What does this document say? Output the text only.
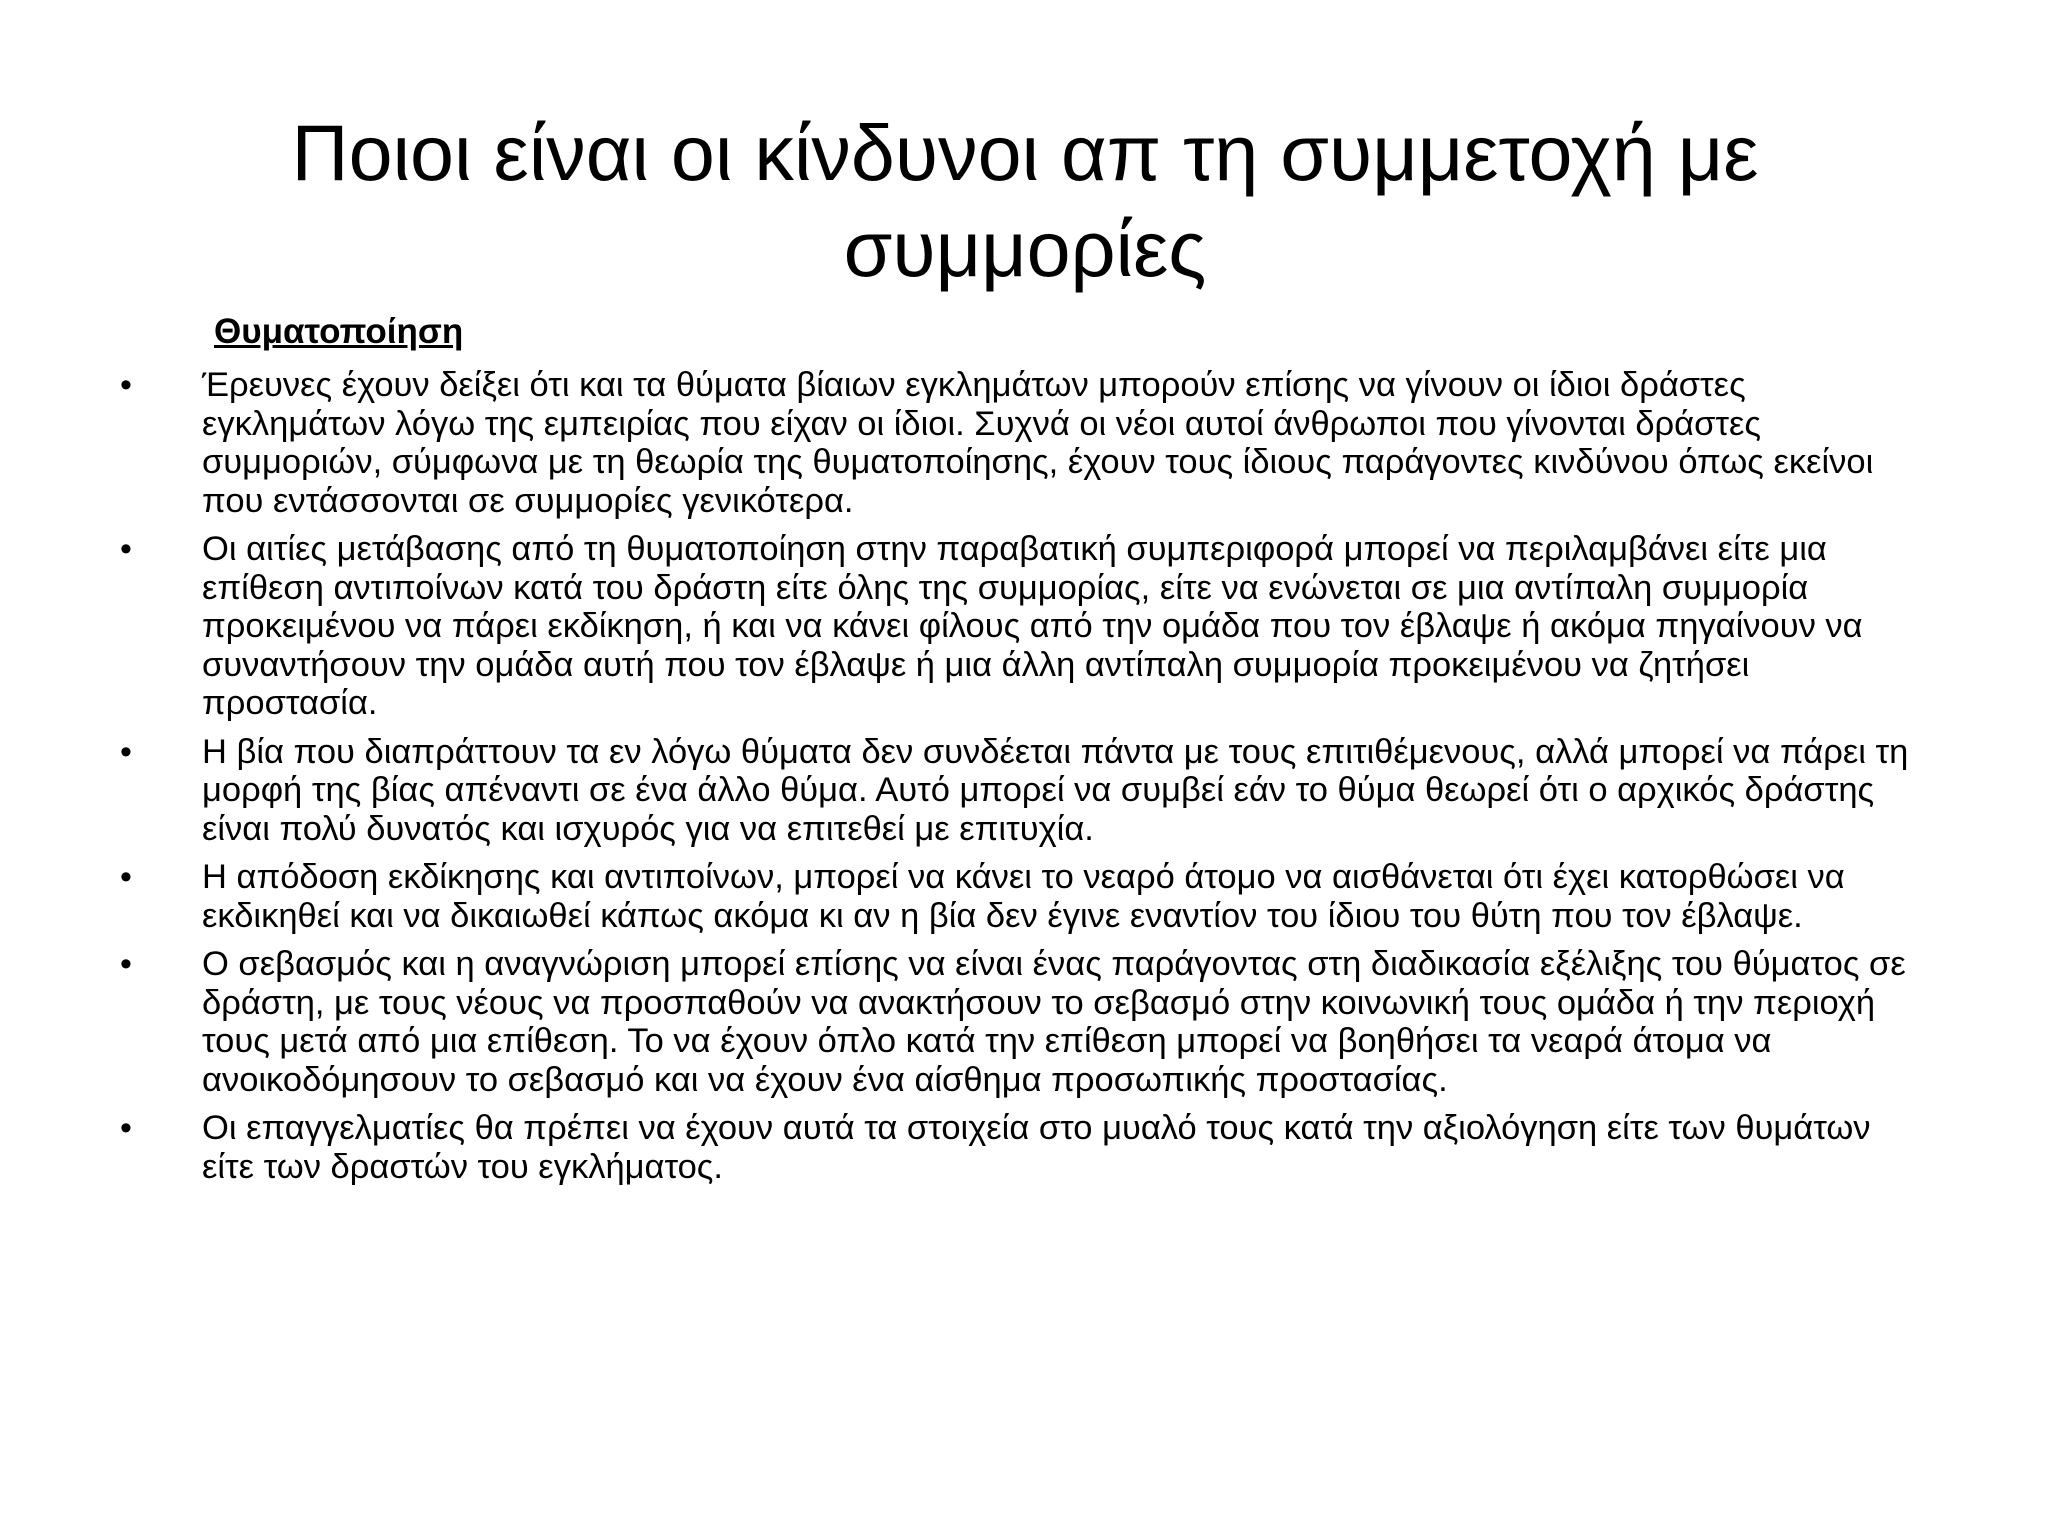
Ποιοι είναι οι κίνδυνοι απ τη συμμετοχή με συμμορίες
Θυματοποίηση
• Έρευνες έχουν δείξει ότι και τα θύματα βίαιων εγκλημάτων μπορούν επίσης να γίνουν οι ίδιοι δράστες εγκλημάτων λόγω της εμπειρίας που είχαν οι ίδιοι. Συχνά οι νέοι αυτοί άνθρωποι που γίνονται δράστες συμμοριών, σύμφωνα με τη θεωρία της θυματοποίησης, έχουν τους ίδιους παράγοντες κινδύνου όπως εκείνοι που εντάσσονται σε συμμορίες γενικότερα.
• Οι αιτίες μετάβασης από τη θυματοποίηση στην παραβατική συμπεριφορά μπορεί να περιλαμβάνει είτε μια επίθεση αντιποίνων κατά του δράστη είτε όλης της συμμορίας, είτε να ενώνεται σε μια αντίπαλη συμμορία προκειμένου να πάρει εκδίκηση, ή και να κάνει φίλους από την ομάδα που τον έβλαψε ή ακόμα πηγαίνουν να συναντήσουν την ομάδα αυτή που τον έβλαψε ή μια άλλη αντίπαλη συμμορία προκειμένου να ζητήσει προστασία.
• Η βία που διαπράττουν τα εν λόγω θύματα δεν συνδέεται πάντα με τους επιτιθέμενους, αλλά μπορεί να πάρει τη μορφή της βίας απέναντι σε ένα άλλο θύμα. Αυτό μπορεί να συμβεί εάν το θύμα θεωρεί ότι ο αρχικός δράστης είναι πολύ δυνατός και ισχυρός για να επιτεθεί με επιτυχία.
• Η απόδοση εκδίκησης και αντιποίνων, μπορεί να κάνει το νεαρό άτομο να αισθάνεται ότι έχει κατορθώσει να εκδικηθεί και να δικαιωθεί κάπως ακόμα κι αν η βία δεν έγινε εναντίον του ίδιου του θύτη που τον έβλαψε.
• Ο σεβασμός και η αναγνώριση μπορεί επίσης να είναι ένας παράγοντας στη διαδικασία εξέλιξης του θύματος σε δράστη, με τους νέους να προσπαθούν να ανακτήσουν το σεβασμό στην κοινωνική τους ομάδα ή την περιοχή τους μετά από μια επίθεση. Το να έχουν όπλο κατά την επίθεση μπορεί να βοηθήσει τα νεαρά άτομα να ανοικοδόμησουν το σεβασμό και να έχουν ένα αίσθημα προσωπικής προστασίας.
• Οι επαγγελματίες θα πρέπει να έχουν αυτά τα στοιχεία στο μυαλό τους κατά την αξιολόγηση είτε των θυμάτων είτε των δραστών του εγκλήματος.
